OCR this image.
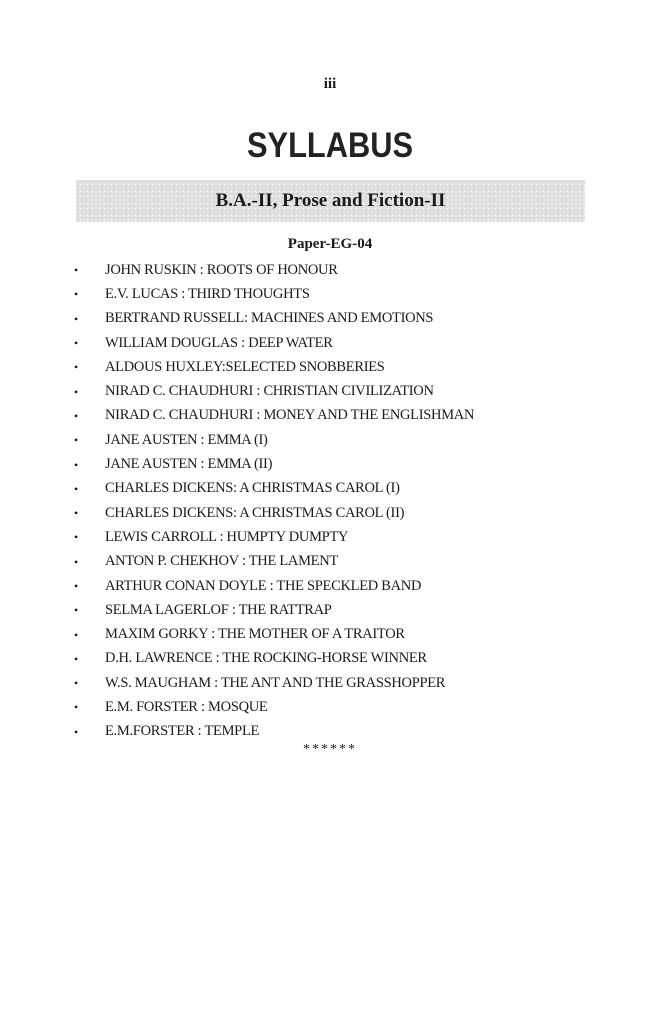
iii
SYLLABUS
B.A.-II, Prose and Fiction-II
Paper-EG-04
•	JOHN RUSKIN : ROOTS OF HONOUR
•	E.V. LUCAS : THIRD THOUGHTS
•	BERTRAND RUSSELL: MACHINES AND EMOTIONS
•	WILLIAM DOUGLAS : DEEP WATER
•	ALDOUS HUXLEY:SELECTED SNOBBERIES
•	NIRAD C. CHAUDHURI : CHRISTIAN CIVILIZATION
•	NIRAD C. CHAUDHURI : MONEY AND THE ENGLISHMAN
•	JANE AUSTEN : EMMA (I)
•	JANE AUSTEN : EMMA (II)
•	CHARLES DICKENS: A CHRISTMAS CAROL (I)
•	CHARLES DICKENS: A CHRISTMAS CAROL (II)
•	LEWIS CARROLL : HUMPTY DUMPTY
•	ANTON P. CHEKHOV : THE LAMENT
•	ARTHUR CONAN DOYLE : THE SPECKLED BAND
•	SELMA LAGERLOF : THE RATTRAP
•	MAXIM GORKY : THE MOTHER OF A TRAITOR
•	D.H. LAWRENCE : THE ROCKING-HORSE WINNER
•	W.S. MAUGHAM : THE ANT AND THE GRASSHOPPER
•	E.M. FORSTER : MOSQUE
•	E.M.FORSTER : TEMPLE
******
